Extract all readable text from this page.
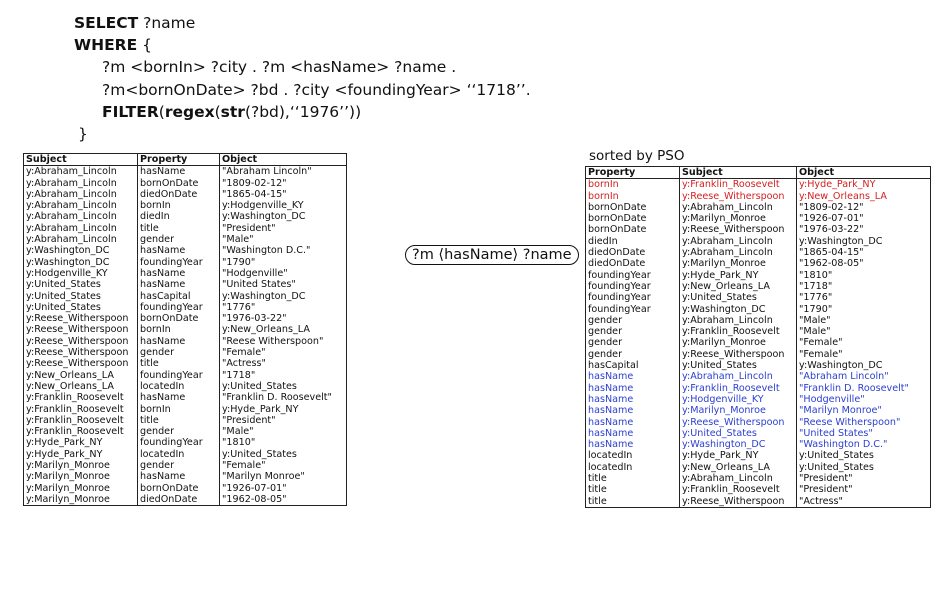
SELECT ?name
WHERE {
?m <bornIn> ?city . ?m <hasName> ?name .
?m<bornOnDate> ?bd . ?city <foundingYear> ‘‘1718’’.
FILTER(regex(str(?bd),‘‘1976’’))
}
Subject	Property	Object
y:Abraham_Lincoln	hasName	"Abraham Lincoln"
y:Abraham_Lincoln	bornOnDate	"1809-02-12"
y:Abraham_Lincoln	diedOnDate	"1865-04-15"
y:Abraham_Lincoln	bornIn	y:Hodgenville_KY
y:Abraham_Lincoln	diedIn	y:Washington_DC
y:Abraham_Lincoln	title	"President"
y:Abraham_Lincoln	gender	"Male"
y:Washington_DC	hasName	"Washington D.C."
y:Washington_DC	foundingYear	"1790"
y:Hodgenville_KY	hasName	"Hodgenville"
y:United_States	hasName	"United States"
y:United_States	hasCapital	y:Washington_DC
y:United_States	foundingYear	"1776"
y:Reese_Witherspoon	bornOnDate	"1976-03-22"
y:Reese_Witherspoon	bornIn	y:New_Orleans_LA
y:Reese_Witherspoon	hasName	"Reese Witherspoon"
y:Reese_Witherspoon	gender	"Female"
y:Reese_Witherspoon	title	"Actress"
y:New_Orleans_LA	foundingYear	"1718"
y:New_Orleans_LA	locatedIn	y:United_States
y:Franklin_Roosevelt	hasName	"Franklin D. Roosevelt"
y:Franklin_Roosevelt	bornIn	y:Hyde_Park_NY
y:Franklin_Roosevelt	title	"President"
y:Franklin_Roosevelt	gender	"Male"
y:Hyde_Park_NY	foundingYear	"1810"
y:Hyde_Park_NY	locatedIn	y:United_States
y:Marilyn_Monroe	gender	"Female"
y:Marilyn_Monroe	hasName	"Marilyn Monroe"
y:Marilyn_Monroe	bornOnDate	"1926-07-01"
y:Marilyn_Monroe	diedOnDate	"1962-08-05"
?m ⟨hasName⟩ ?name
sorted by PSO
Property	Subject	Object
bornIn	y:Franklin_Roosevelt	y:Hyde_Park_NY
bornIn	y:Reese_Witherspoon	y:New_Orleans_LA
bornOnDate	y:Abraham_Lincoln	"1809-02-12"
bornOnDate	y:Marilyn_Monroe	"1926-07-01"
bornOnDate	y:Reese_Witherspoon	"1976-03-22"
diedIn	y:Abraham_Lincoln	y:Washington_DC
diedOnDate	y:Abraham_Lincoln	"1865-04-15"
diedOnDate	y:Marilyn_Monroe	"1962-08-05"
foundingYear	y:Hyde_Park_NY	"1810"
foundingYear	y:New_Orleans_LA	"1718"
foundingYear	y:United_States	"1776"
foundingYear	y:Washington_DC	"1790"
gender	y:Abraham_Lincoln	"Male"
gender	y:Franklin_Roosevelt	"Male"
gender	y:Marilyn_Monroe	"Female"
gender	y:Reese_Witherspoon	"Female"
hasCapital	y:United_States	y:Washington_DC
hasName	y:Abraham_Lincoln	"Abraham Lincoln"
hasName	y:Franklin_Roosevelt	"Franklin D. Roosevelt"
hasName	y:Hodgenville_KY	"Hodgenville"
hasName	y:Marilyn_Monroe	"Marilyn Monroe"
hasName	y:Reese_Witherspoon	"Reese Witherspoon"
hasName	y:United_States	"United States"
hasName	y:Washington_DC	"Washington D.C."
locatedIn	y:Hyde_Park_NY	y:United_States
locatedIn	y:New_Orleans_LA	y:United_States
title	y:Abraham_Lincoln	"President"
title	y:Franklin_Roosevelt	"President"
title	y:Reese_Witherspoon	"Actress"
